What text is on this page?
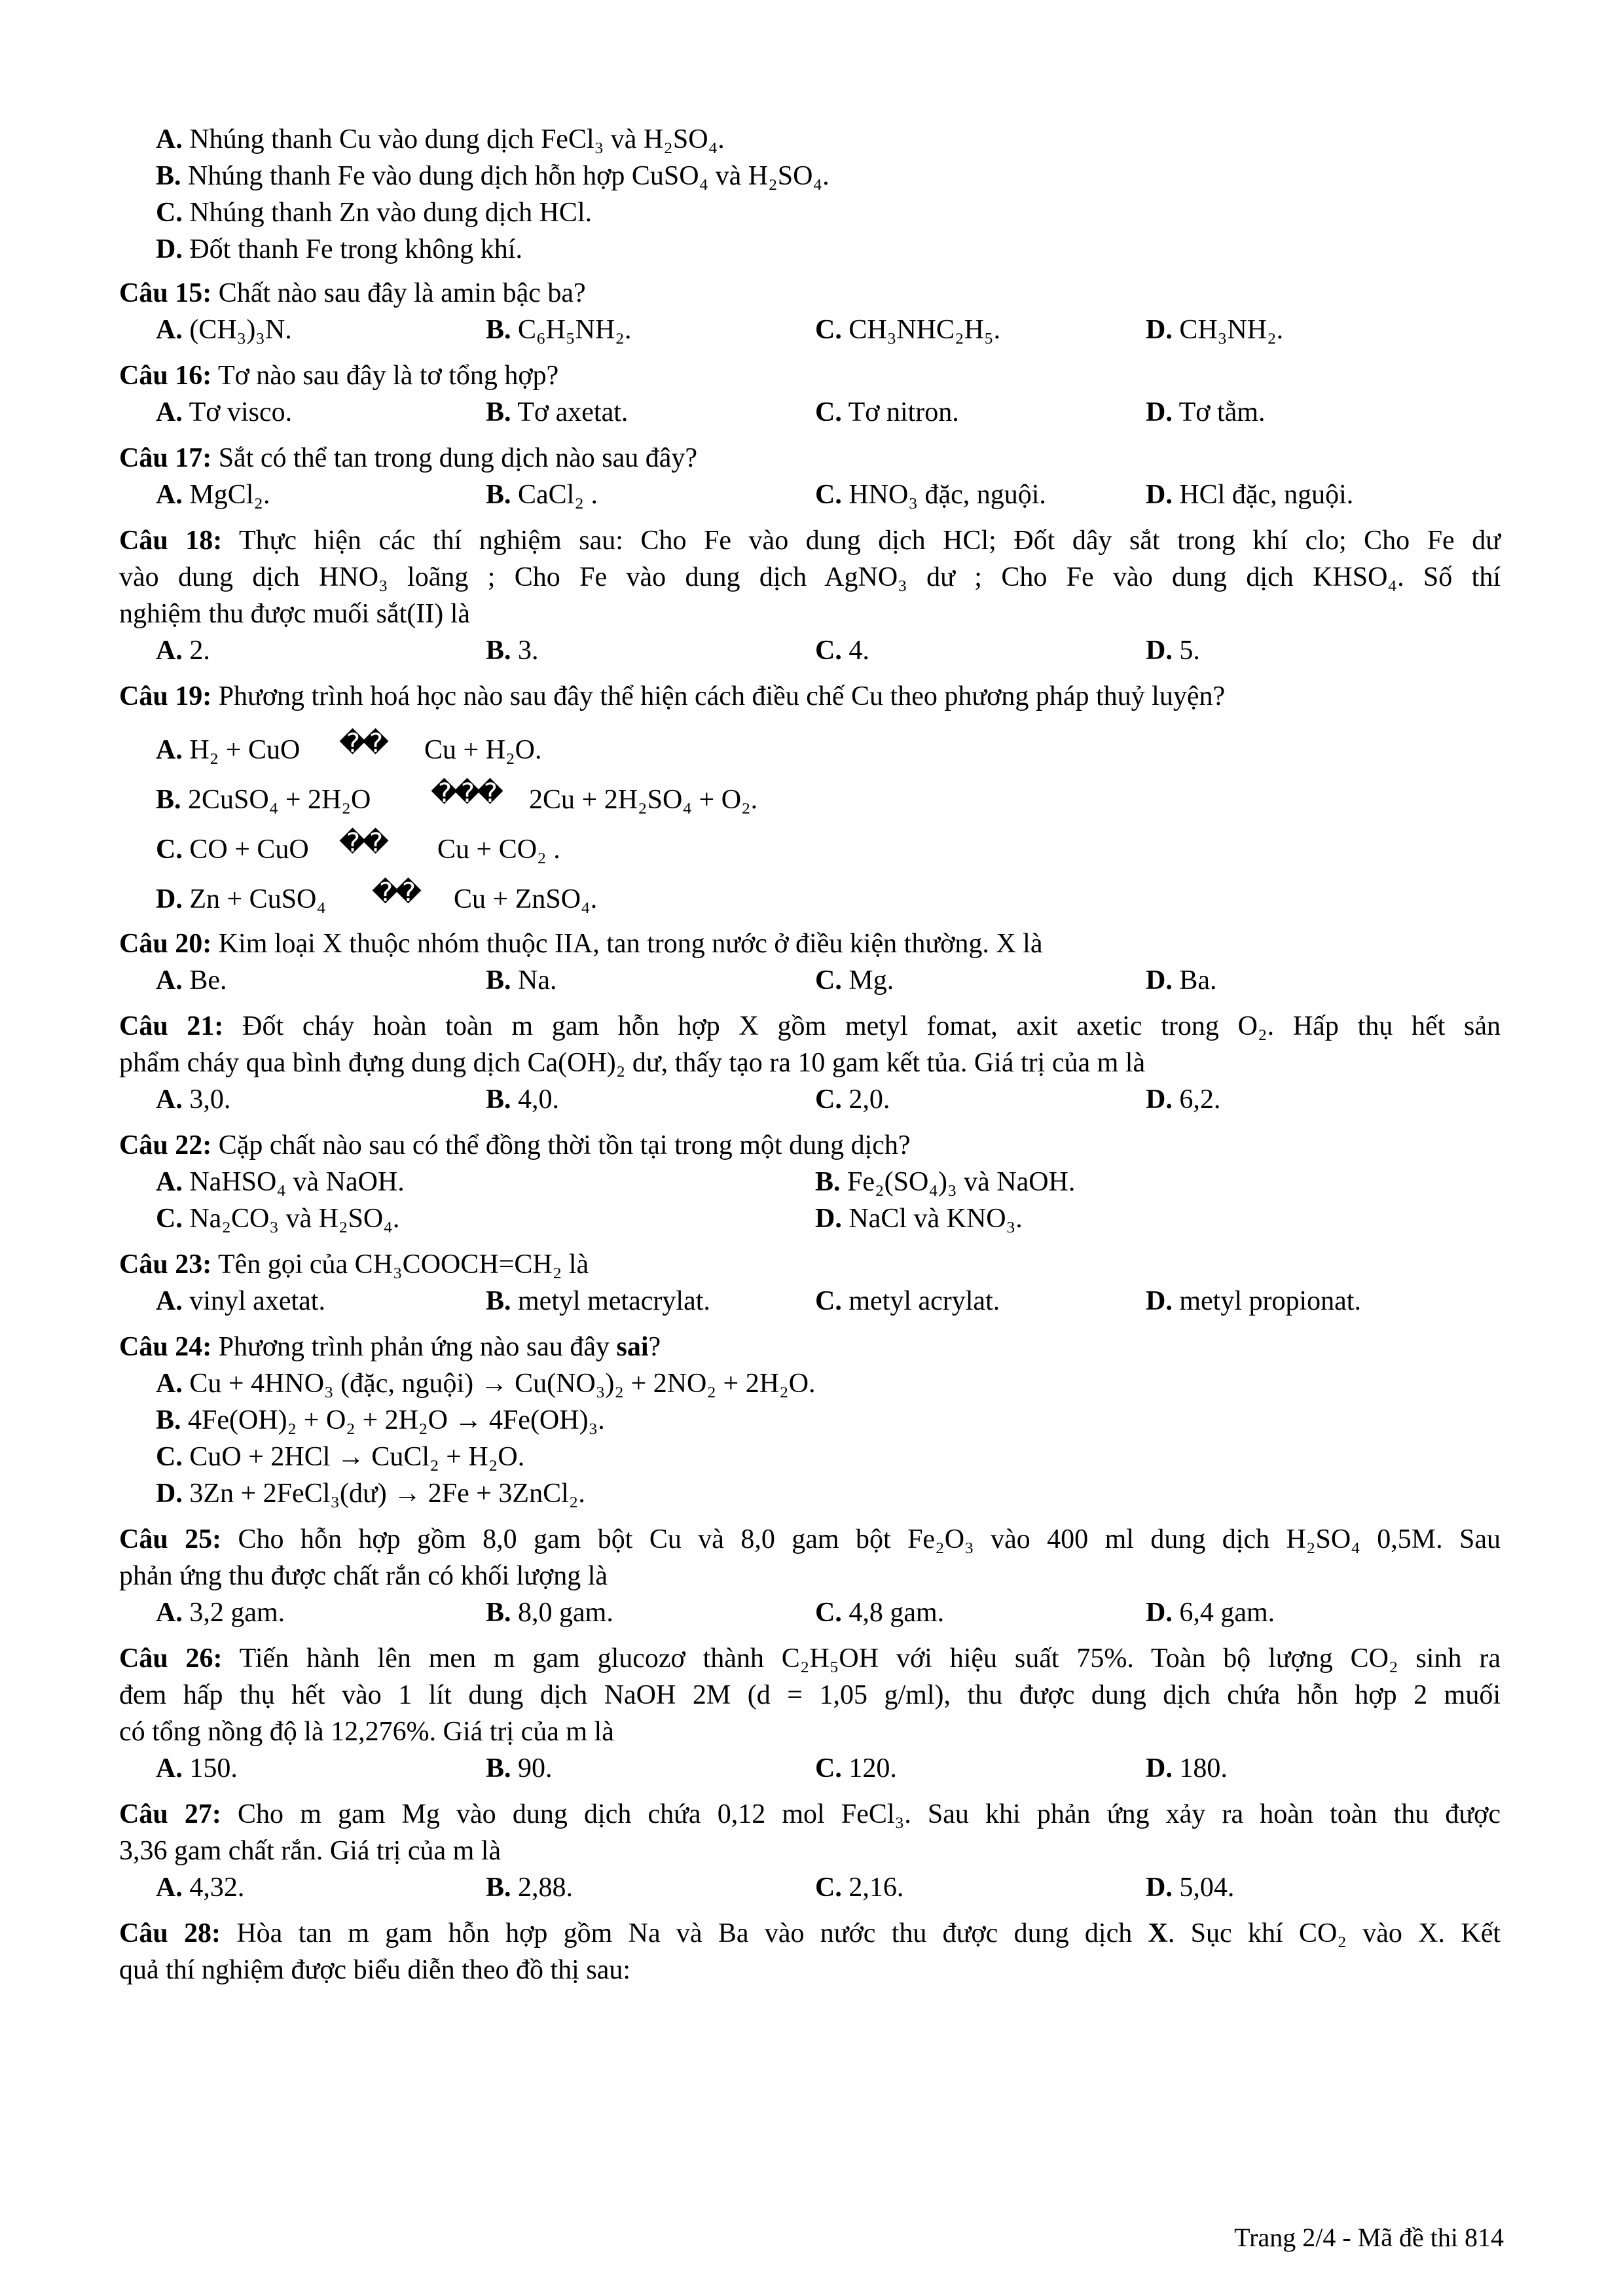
A. Nhúng thanh Cu vào dung dịch FeCl₃ và H₂SO₄.
B. Nhúng thanh Fe vào dung dịch hỗn hợp CuSO₄ và H₂SO₄.
C. Nhúng thanh Zn vào dung dịch HCl.
D. Đốt thanh Fe trong không khí.
Câu 15: Chất nào sau đây là amin bậc ba?
A. (CH₃)₃N.	B. C₆H₅NH₂.	C. CH₃NHC₂H₅.	D. CH₃NH₂.
Câu 16: Tơ nào sau đây là tơ tổng hợp?
A. Tơ visco.	B. Tơ axetat.	C. Tơ nitron.	D. Tơ tằm.
Câu 17: Sắt có thể tan trong dung dịch nào sau đây?
A. MgCl₂.	B. CaCl₂ .	C. HNO₃ đặc, nguội.	D. HCl đặc, nguội.
Câu 18: Thực hiện các thí nghiệm sau: Cho Fe vào dung dịch HCl; Đốt dây sắt trong khí clo; Cho Fe dư
vào dung dịch HNO₃ loãng ; Cho Fe vào dung dịch AgNO₃ dư ; Cho Fe vào dung dịch KHSO₄. Số thí
nghiệm thu được muối sắt(II) là
A. 2.	B. 3.	C. 4.	D. 5.
Câu 19: Phương trình hoá học nào sau đây thể hiện cách điều chế Cu theo phương pháp thuỷ luyện?
A. H₂ + CuO ��	Cu + H₂O.
B. 2CuSO₄ + 2H₂O ���	2Cu + 2H₂SO₄ + O₂.
C. CO + CuO ��	Cu + CO₂ .
D. Zn + CuSO₄ ��	Cu + ZnSO₄.
Câu 20: Kim loại X thuộc nhóm thuộc IIA, tan trong nước ở điều kiện thường. X là
A. Be.	B. Na.	C. Mg.	D. Ba.
Câu 21: Đốt cháy hoàn toàn m gam hỗn hợp X gồm metyl fomat, axit axetic trong O₂. Hấp thụ hết sản
phẩm cháy qua bình đựng dung dịch Ca(OH)₂ dư, thấy tạo ra 10 gam kết tủa. Giá trị của m là
A. 3,0.	B. 4,0.	C. 2,0.	D. 6,2.
Câu 22: Cặp chất nào sau có thể đồng thời tồn tại trong một dung dịch?
A. NaHSO₄ và NaOH.	B. Fe₂(SO₄)₃ và NaOH.
C. Na₂CO₃ và H₂SO₄.	D. NaCl và KNO₃.
Câu 23: Tên gọi của CH₃COOCH=CH₂ là
A. vinyl axetat.	B. metyl metacrylat.	C. metyl acrylat.	D. metyl propionat.
Câu 24: Phương trình phản ứng nào sau đây sai?
A. Cu + 4HNO₃ (đặc, nguội) → Cu(NO₃)₂ + 2NO₂ + 2H₂O.
B. 4Fe(OH)₂ + O₂ + 2H₂O → 4Fe(OH)₃.
C. CuO + 2HCl → CuCl₂ + H₂O.
D. 3Zn + 2FeCl₃(dư) → 2Fe + 3ZnCl₂.
Câu 25: Cho hỗn hợp gồm 8,0 gam bột Cu và 8,0 gam bột Fe₂O₃ vào 400 ml dung dịch H₂SO₄ 0,5M. Sau
phản ứng thu được chất rắn có khối lượng là
A. 3,2 gam.	B. 8,0 gam.	C. 4,8 gam.	D. 6,4 gam.
Câu 26: Tiến hành lên men m gam glucozơ thành C₂H₅OH với hiệu suất 75%. Toàn bộ lượng CO₂ sinh ra
đem hấp thụ hết vào 1 lít dung dịch NaOH 2M (d = 1,05 g/ml), thu được dung dịch chứa hỗn hợp 2 muối
có tổng nồng độ là 12,276%. Giá trị của m là
A. 150.	B. 90.	C. 120.	D. 180.
Câu 27: Cho m gam Mg vào dung dịch chứa 0,12 mol FeCl₃. Sau khi phản ứng xảy ra hoàn toàn thu được
3,36 gam chất rắn. Giá trị của m là
A. 4,32.	B. 2,88.	C. 2,16.	D. 5,04.
Câu 28: Hòa tan m gam hỗn hợp gồm Na và Ba vào nước thu được dung dịch X. Sục khí CO₂ vào X. Kết
quả thí nghiệm được biểu diễn theo đồ thị sau:
Trang 2/4 - Mã đề thi 814
